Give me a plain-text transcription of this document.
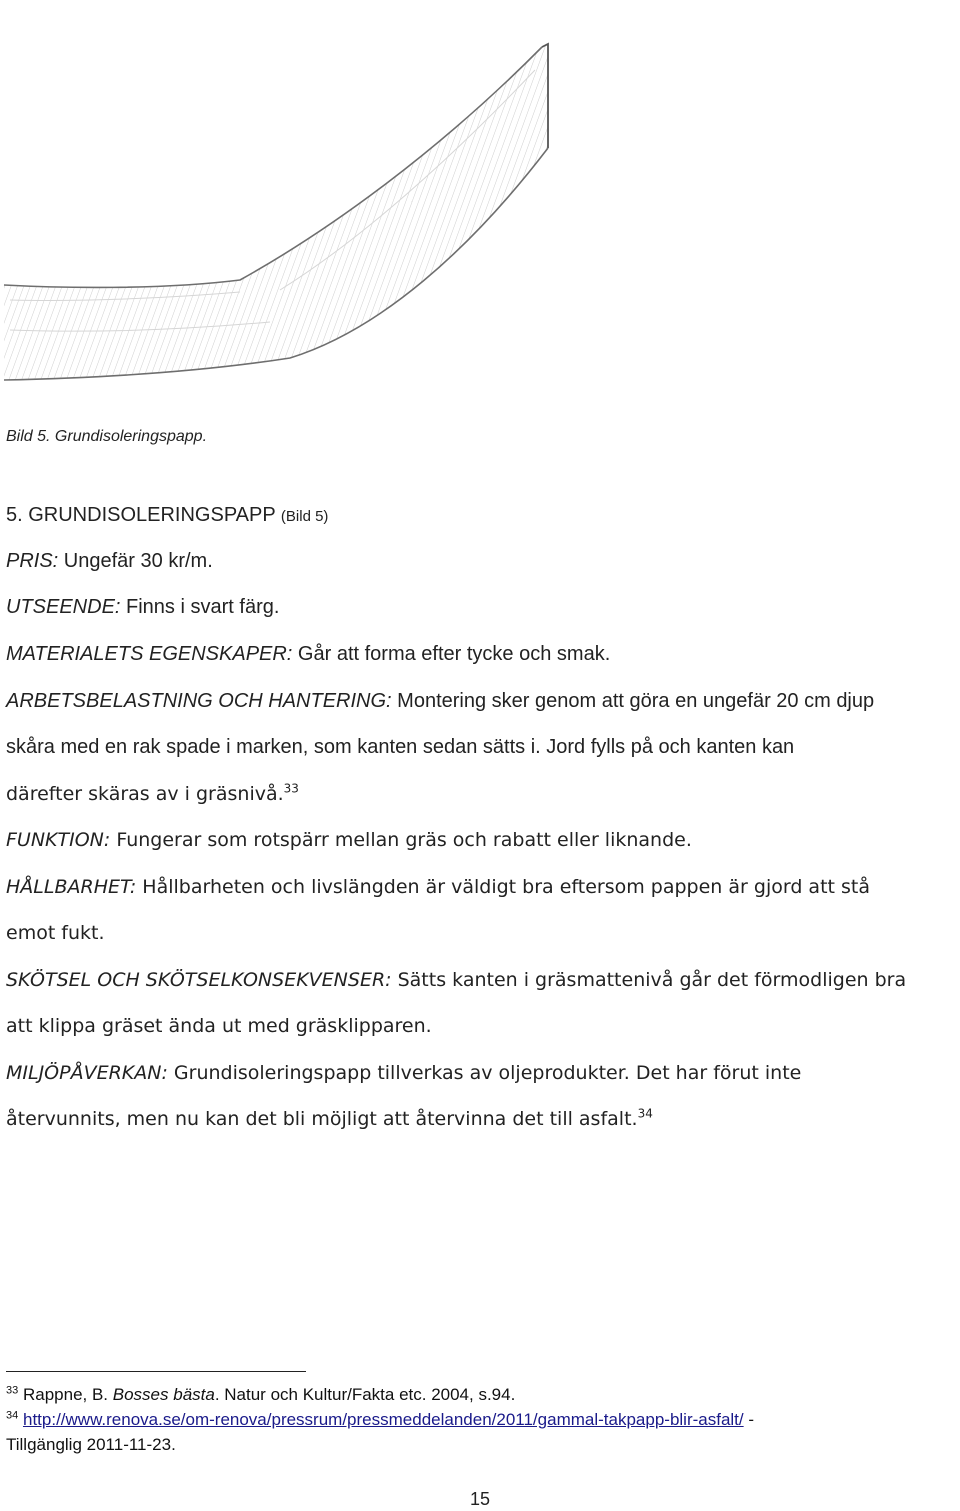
Bild 5. Grundisoleringspapp.
5. GRUNDISOLERINGSPAPP (Bild 5)
PRIS: Ungefär 30 kr/m.
UTSEENDE: Finns i svart färg.
MATERIALETS EGENSKAPER: Går att forma efter tycke och smak.
ARBETSBELASTNING OCH HANTERING: Montering sker genom att göra en ungefär 20 cm djup
skåra med en rak spade i marken, som kanten sedan sätts i. Jord fylls på och kanten kan
därefter skäras av i gräsnivå.$^{33}$
FUNKTION: Fungerar som rotspärr mellan gräs och rabatt eller liknande.
HÅLLBARHET: Hållbarheten och livslängden är väldigt bra eftersom pappen är gjord att stå
emot fukt.
SKÖTSEL OCH SKÖTSELKONSEKVENSER: Sätts kanten i gräsmattenivå går det förmodligen bra
att klippa gräset ända ut med gräsklipparen.
MILJÖPÅVERKAN: Grundisoleringspapp tillverkas av oljeprodukter. Det har förut inte
återvunnits, men nu kan det bli möjligt att återvinna det till asfalt.$^{34}$
$^{33}$ Rappne, B. Bosses bästa. Natur och Kultur/Fakta etc. 2004, s.94.
$^{34}$ http://www.renova.se/om-renova/pressrum/pressmeddelanden/2011/gammal-takpapp-blir-asfalt/ -
Tillgänglig 2011-11-23.
15
